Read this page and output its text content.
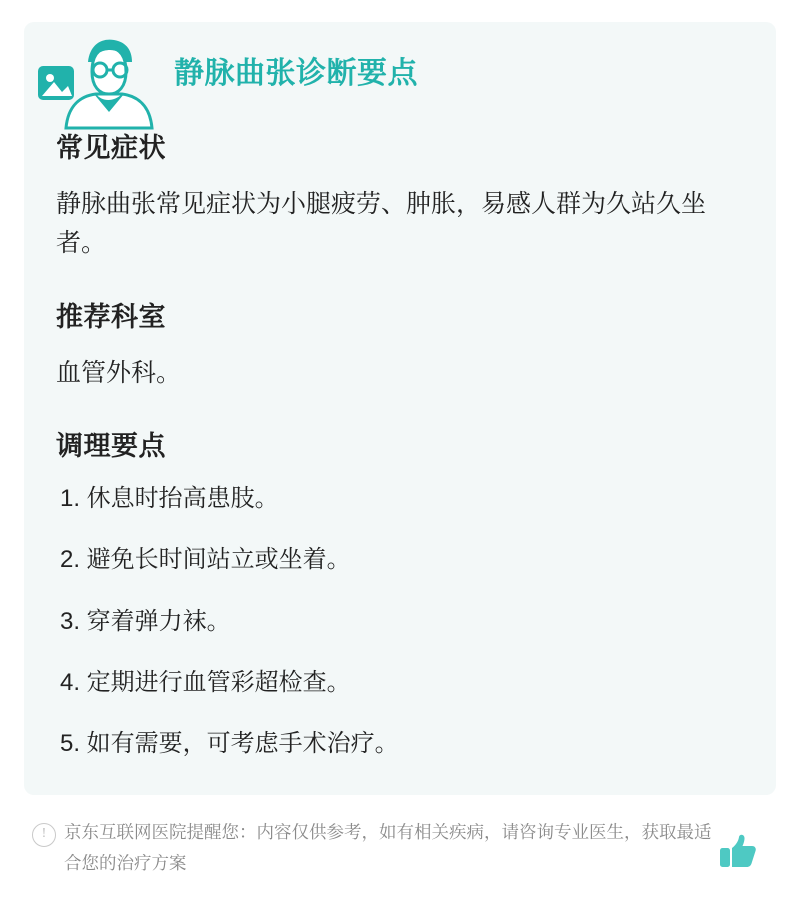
静脉曲张诊断要点
常见症状

静脉曲张常见症状为小腿疲劳、肿胀，易感人群为久站久坐者。

推荐科室

血管外科。

调理要点
1. 休息时抬高患肢。
2. 避免长时间站立或坐着。
3. 穿着弹力袜。
4. 定期进行血管彩超检查。
5. 如有需要，可考虑手术治疗。
!	京东互联网医院提醒您：内容仅供参考，如有相关疾病，请咨询专业医生，获取最适合您的治疗方案
